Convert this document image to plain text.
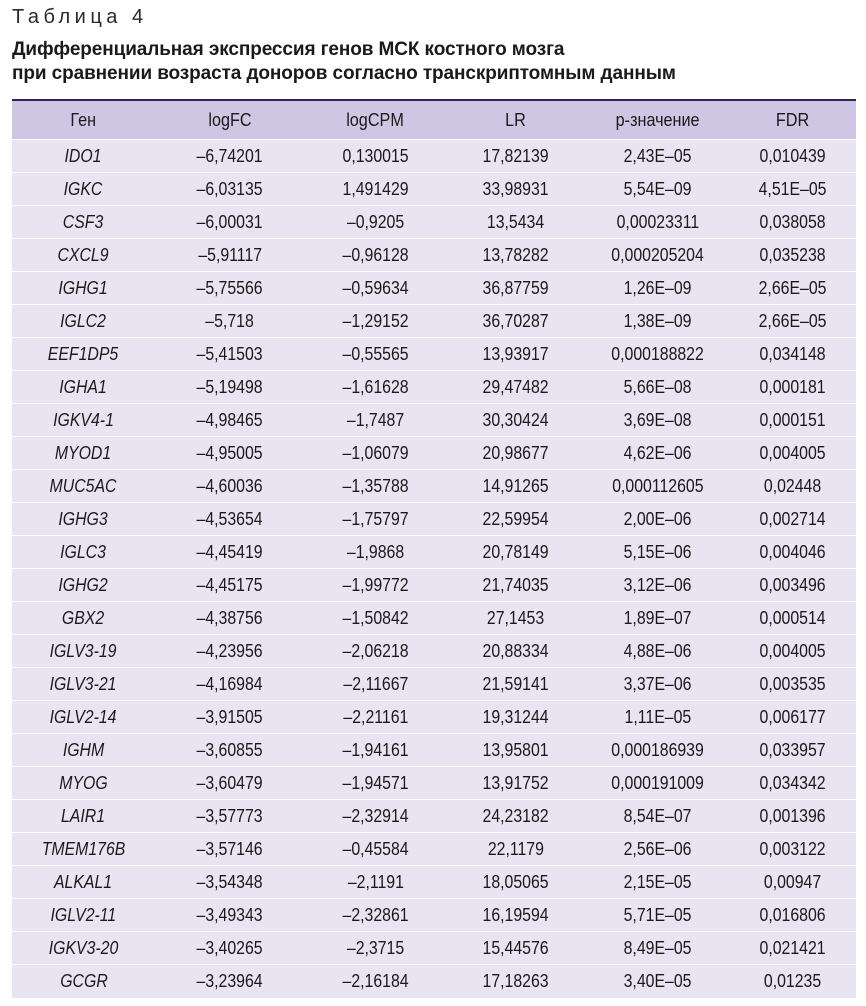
Таблица 4
Дифференциальная экспрессия генов МСК костного мозга
при сравнении возраста доноров согласно транскриптомным данным
Ген	logFC	logCPM	LR	р-значение	FDR
IDO1	–6,74201	0,130015	17,82139	2,43E–05	0,010439
IGKC	–6,03135	1,491429	33,98931	5,54E–09	4,51E–05
CSF3	–6,00031	–0,9205	13,5434	0,00023311	0,038058
CXCL9	–5,91117	–0,96128	13,78282	0,000205204	0,035238
IGHG1	–5,75566	–0,59634	36,87759	1,26E–09	2,66E–05
IGLC2	–5,718	–1,29152	36,70287	1,38E–09	2,66E–05
EEF1DP5	–5,41503	–0,55565	13,93917	0,000188822	0,034148
IGHA1	–5,19498	–1,61628	29,47482	5,66E–08	0,000181
IGKV4-1	–4,98465	–1,7487	30,30424	3,69E–08	0,000151
MYOD1	–4,95005	–1,06079	20,98677	4,62E–06	0,004005
MUC5AC	–4,60036	–1,35788	14,91265	0,000112605	0,02448
IGHG3	–4,53654	–1,75797	22,59954	2,00E–06	0,002714
IGLC3	–4,45419	–1,9868	20,78149	5,15E–06	0,004046
IGHG2	–4,45175	–1,99772	21,74035	3,12E–06	0,003496
GBX2	–4,38756	–1,50842	27,1453	1,89E–07	0,000514
IGLV3-19	–4,23956	–2,06218	20,88334	4,88E–06	0,004005
IGLV3-21	–4,16984	–2,11667	21,59141	3,37E–06	0,003535
IGLV2-14	–3,91505	–2,21161	19,31244	1,11E–05	0,006177
IGHM	–3,60855	–1,94161	13,95801	0,000186939	0,033957
MYOG	–3,60479	–1,94571	13,91752	0,000191009	0,034342
LAIR1	–3,57773	–2,32914	24,23182	8,54E–07	0,001396
TMEM176B	–3,57146	–0,45584	22,1179	2,56E–06	0,003122
ALKAL1	–3,54348	–2,1191	18,05065	2,15E–05	0,00947
IGLV2-11	–3,49343	–2,32861	16,19594	5,71E–05	0,016806
IGKV3-20	–3,40265	–2,3715	15,44576	8,49E–05	0,021421
GCGR	–3,23964	–2,16184	17,18263	3,40E–05	0,01235
